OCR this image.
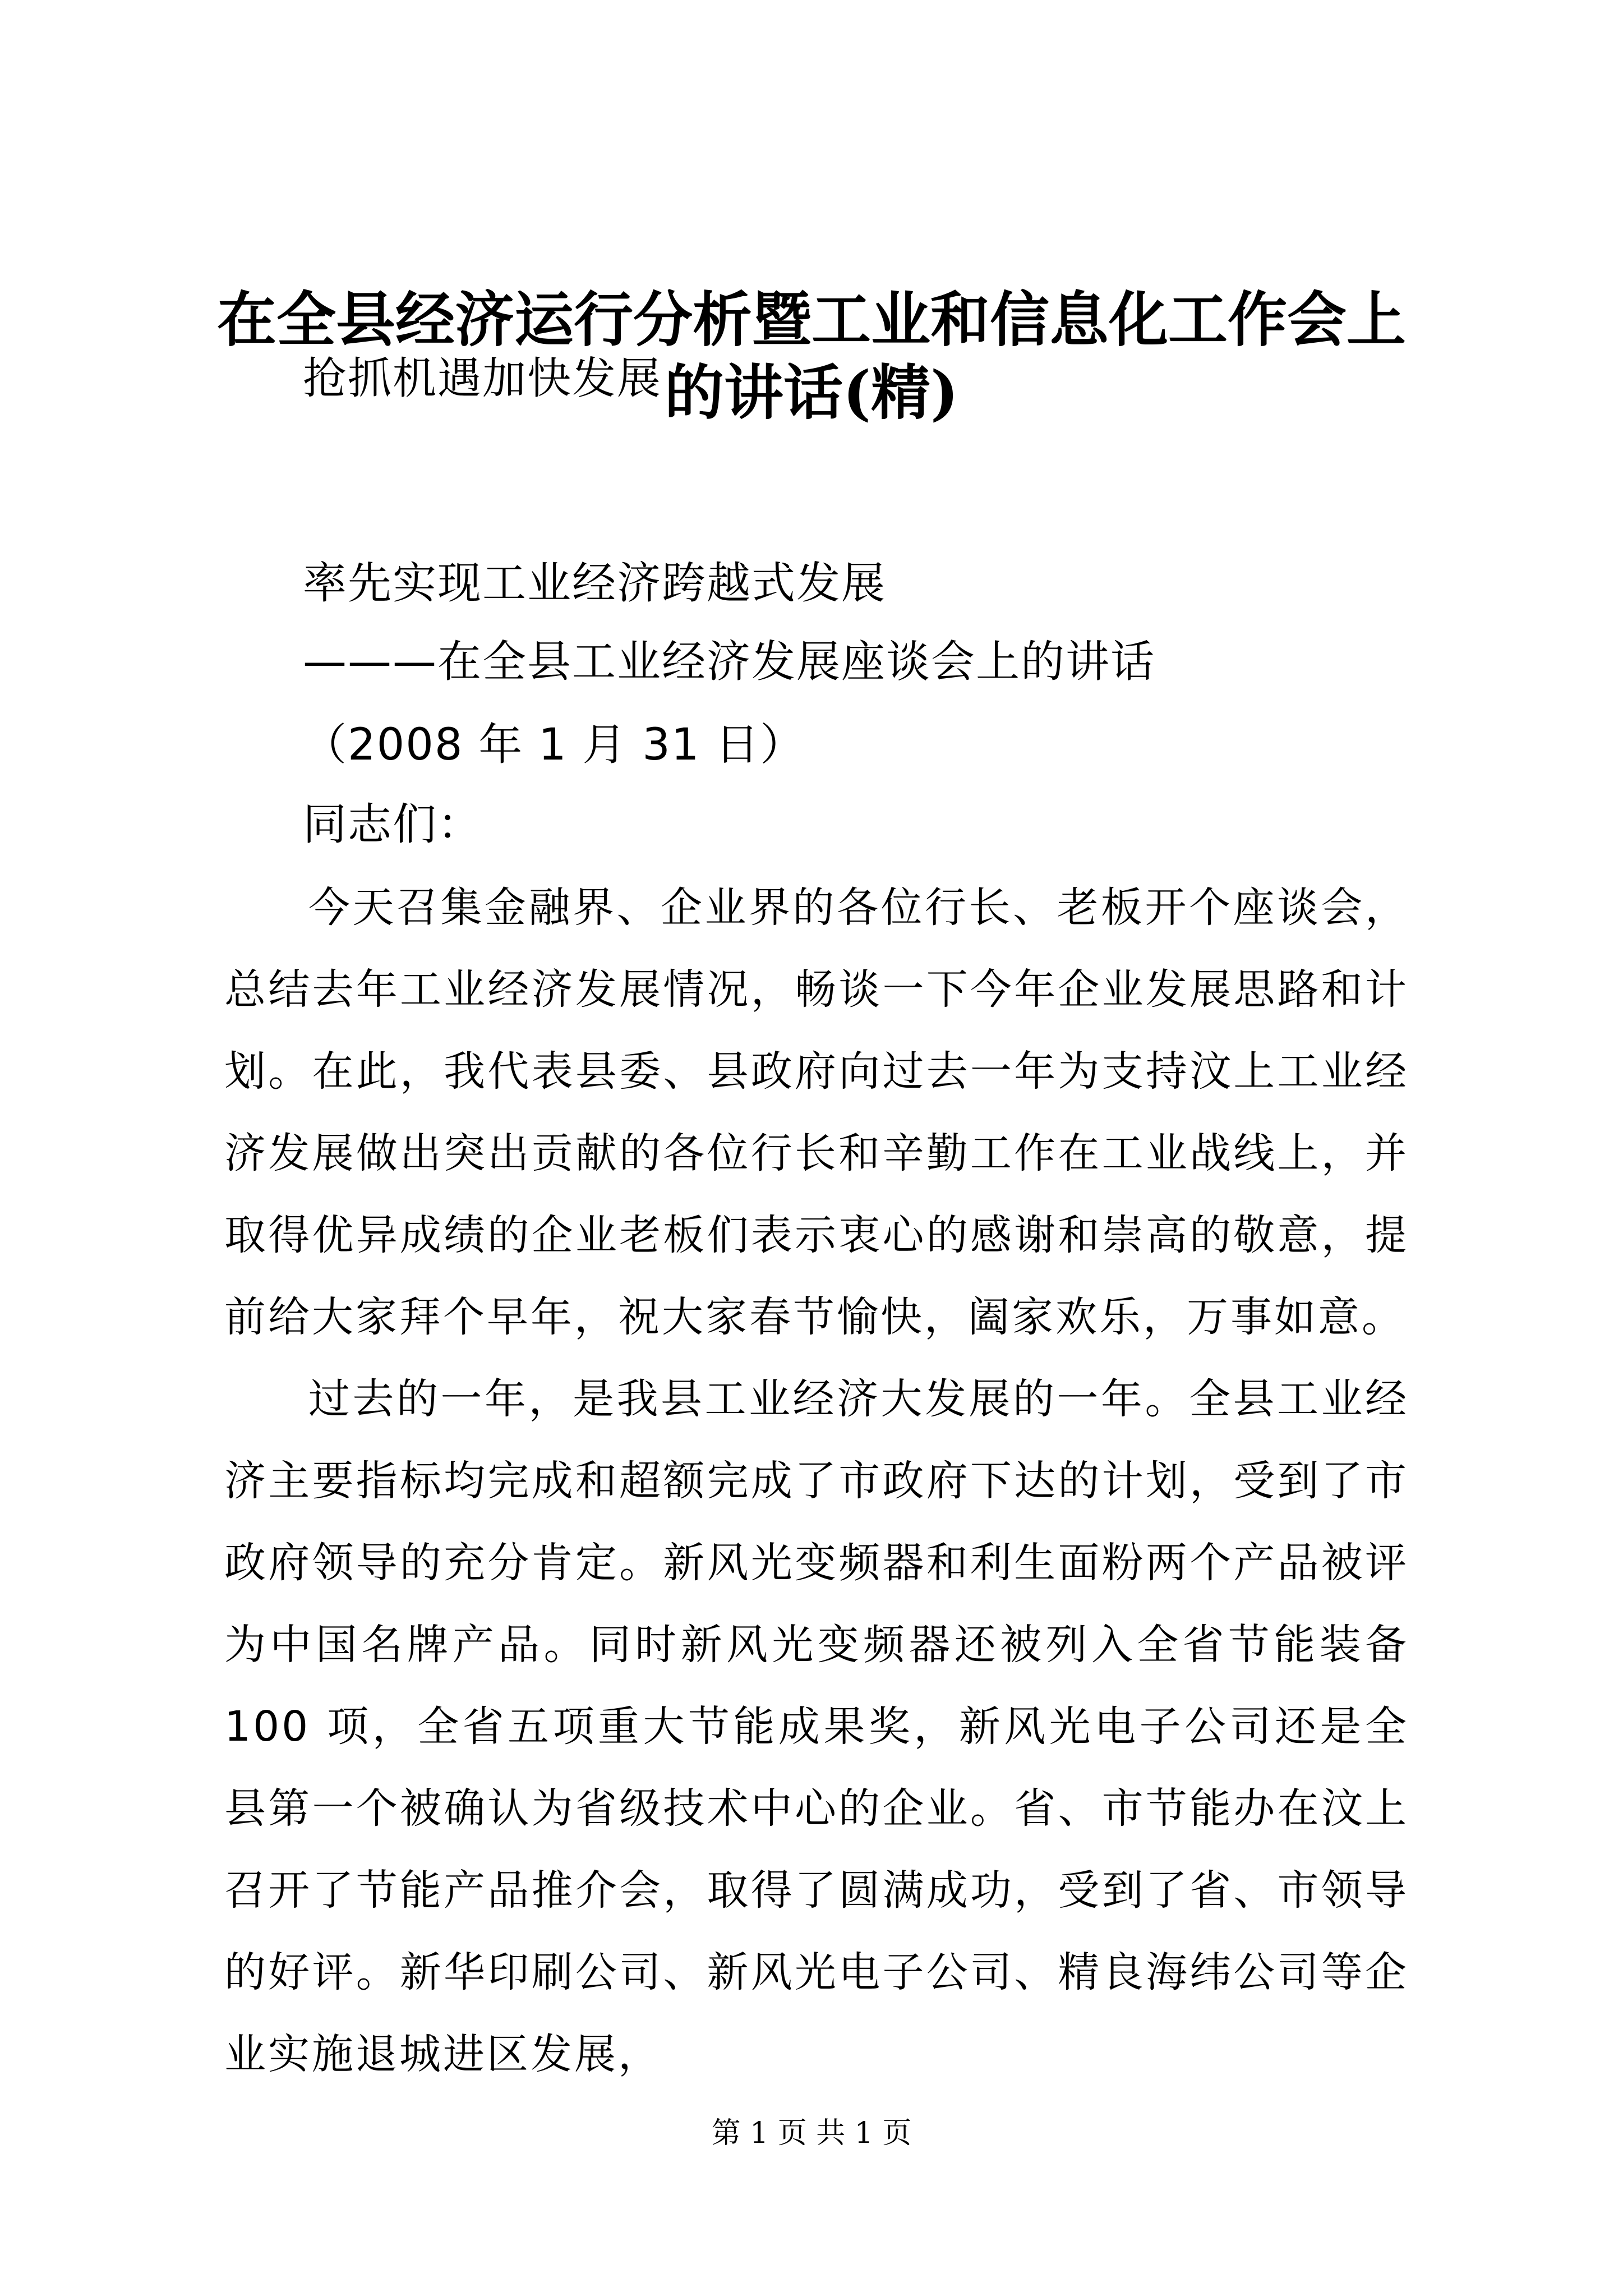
在全县经济运行分析暨工业和信息化工作会上的讲话(精)
抢抓机遇加快发展
率先实现工业经济跨越式发展
———在全县工业经济发展座谈会上的讲话
（2008 年 1 月 31 日）
同志们：

今天召集金融界、企业界的各位行长、老板开个座谈会，总结去年工业经济发展情况，畅谈一下今年企业发展思路和计划。在此，我代表县委、县政府向过去一年为支持汶上工业经济发展做出突出贡献的各位行长和辛勤工作在工业战线上，并取得优异成绩的企业老板们表示衷心的感谢和崇高的敬意，提前给大家拜个早年，祝大家春节愉快，阖家欢乐，万事如意。

过去的一年，是我县工业经济大发展的一年。全县工业经济主要指标均完成和超额完成了市政府下达的计划，受到了市政府领导的充分肯定。新风光变频器和利生面粉两个产品被评为中国名牌产品。同时新风光变频器还被列入全省节能装备 100 项，全省五项重大节能成果奖，新风光电子公司还是全县第一个被确认为省级技术中心的企业。省、市节能办在汶上召开了节能产品推介会，取得了圆满成功，受到了省、市领导的好评。新华印刷公司、新风光电子公司、精良海纬公司等企业实施退城进区发展，

第 1 页 共 1 页
